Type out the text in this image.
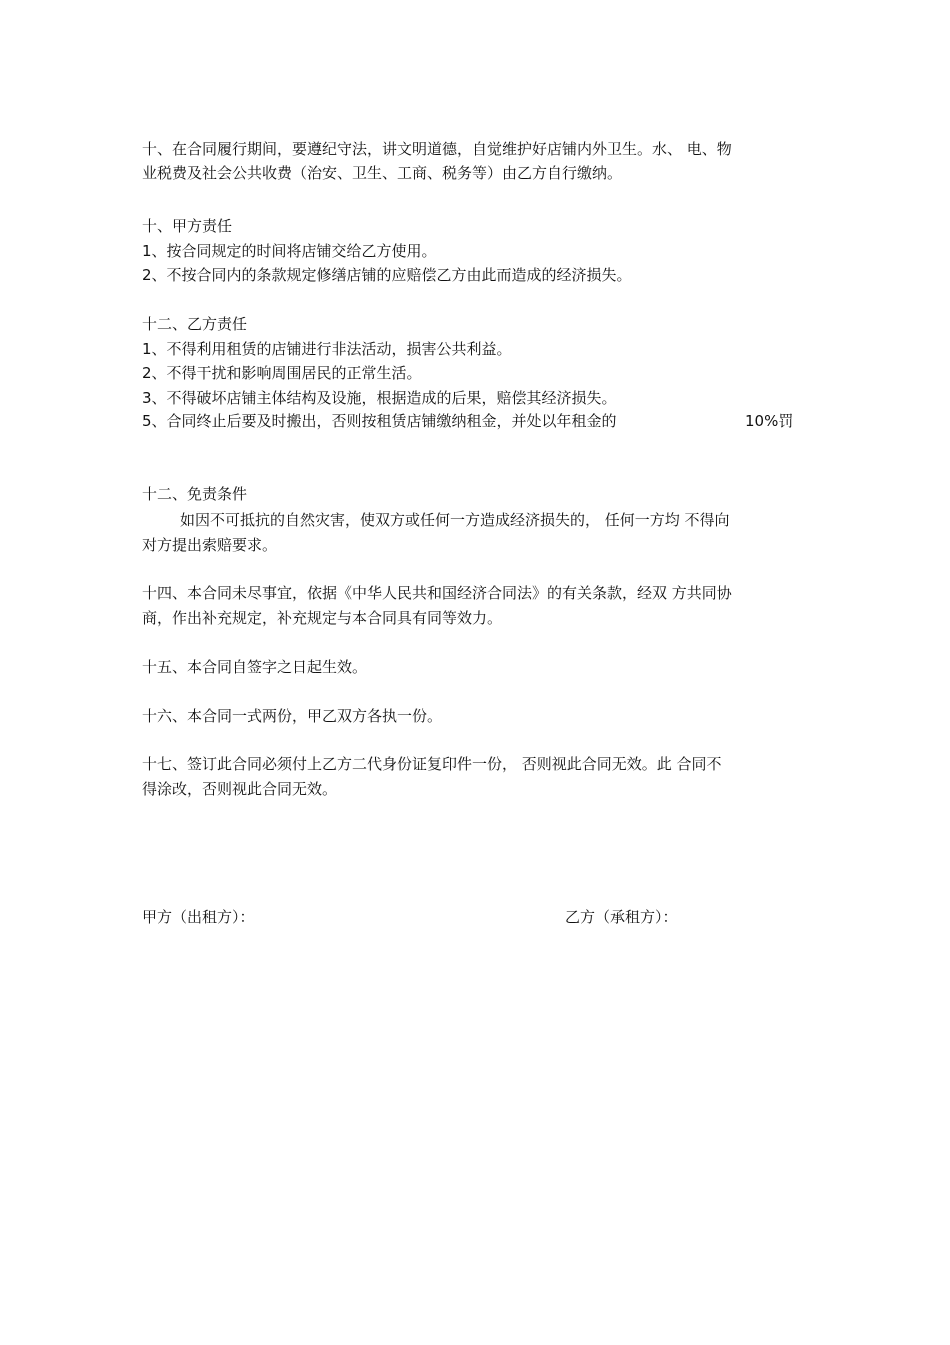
十、在合同履行期间，要遵纪守法，讲文明道德，自觉维护好店铺内外卫生。水、 电、物
业税费及社会公共收费（治安、卫生、工商、税务等）由乙方自行缴纳。
十、甲方责任
1、按合同规定的时间将店铺交给乙方使用。
2、不按合同内的条款规定修缮店铺的应赔偿乙方由此而造成的经济损失。
十二、乙方责任
1、不得利用租赁的店铺进行非法活动，损害公共利益。
2、不得干扰和影响周围居民的正常生活。
3、不得破坏店铺主体结构及设施，根据造成的后果，赔偿其经济损失。
5、合同终止后要及时搬出，否则按租赁店铺缴纳租金，并处以年租金的	10%罚
十二、免责条件
如因不可抵抗的自然灾害，使双方或任何一方造成经济损失的， 任何一方均 不得向
对方提出索赔要求。
十四、本合同未尽事宜，依据《中华人民共和国经济合同法》的有关条款，经双 方共同协
商，作出补充规定，补充规定与本合同具有同等效力。
十五、本合同自签字之日起生效。
十六、本合同一式两份，甲乙双方各执一份。
十七、签订此合同必须付上乙方二代身份证复印件一份， 否则视此合同无效。此 合同不
得涂改，否则视此合同无效。
甲方（出租方）：	乙方（承租方）：
